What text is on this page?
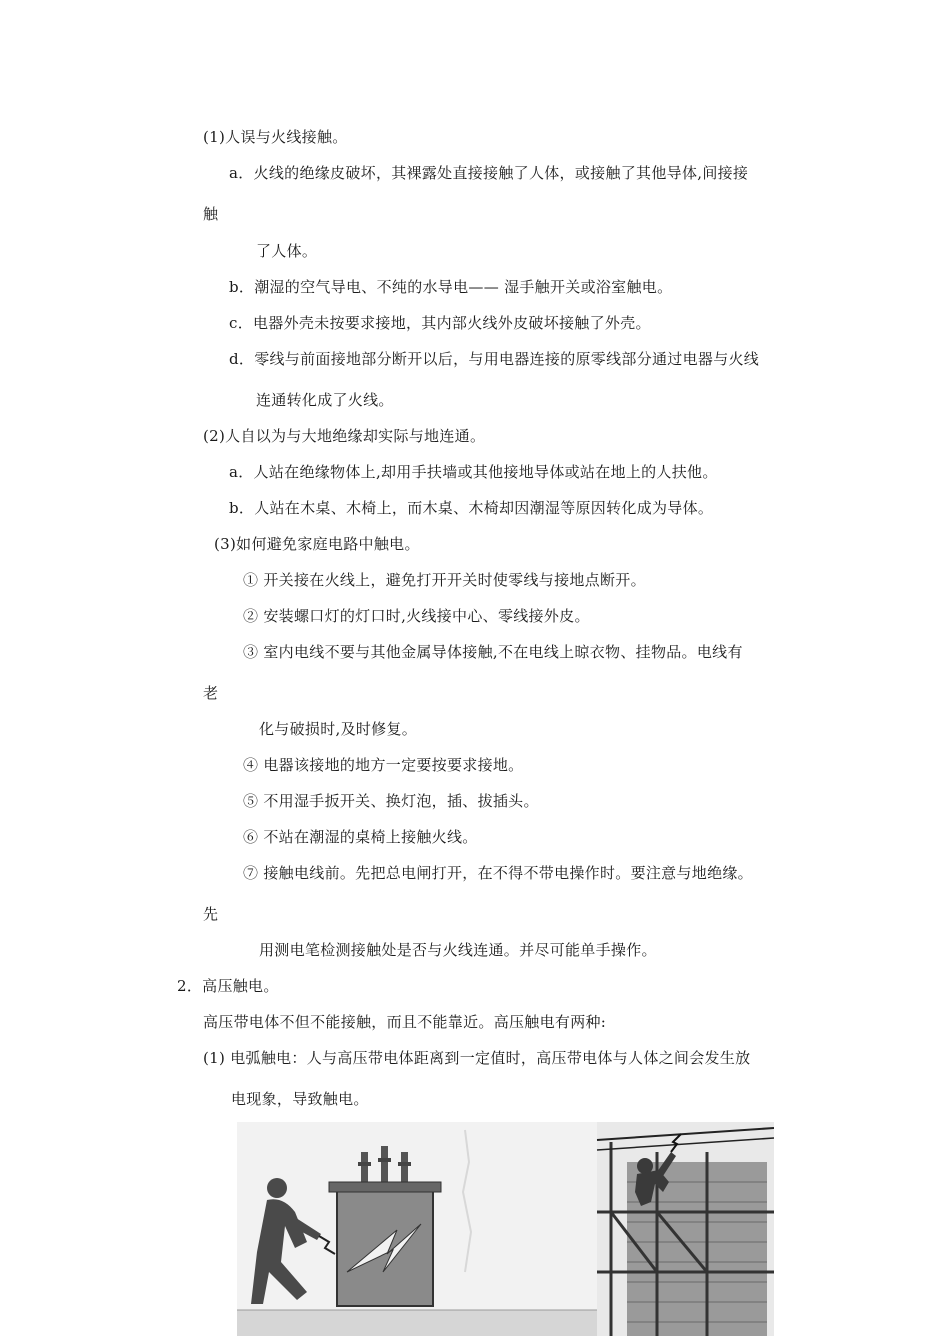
(1)人误与火线接触。
a．火线的绝缘皮破坏，其裸露处直接接触了人体，或接触了其他导体,间接接
触
了人体。
b．潮湿的空气导电、不纯的水导电—— 湿手触开关或浴室触电。
c．电器外壳未按要求接地，其内部火线外皮破坏接触了外壳。
d．零线与前面接地部分断开以后，与用电器连接的原零线部分通过电器与火线
连通转化成了火线。
(2)人自以为与大地绝缘却实际与地连通。
a．人站在绝缘物体上,却用手扶墙或其他接地导体或站在地上的人扶他。
b．人站在木桌、木椅上，而木桌、木椅却因潮湿等原因转化成为导体。
(3)如何避免家庭电路中触电。
① 开关接在火线上，避免打开开关时使零线与接地点断开。
② 安装螺口灯的灯口时,火线接中心、零线接外皮。
③ 室内电线不要与其他金属导体接触,不在电线上晾衣物、挂物品。电线有
老
化与破损时,及时修复。
④ 电器该接地的地方一定要按要求接地。
⑤ 不用湿手扳开关、换灯泡，插、拔插头。
⑥ 不站在潮湿的桌椅上接触火线。
⑦ 接触电线前。先把总电闸打开，在不得不带电操作时。要注意与地绝缘。
先
用测电笔检测接触处是否与火线连通。并尽可能单手操作。
2．高压触电。
高压带电体不但不能接触，而且不能靠近。高压触电有两种:
(1) 电弧触电：人与高压带电体距离到一定值时，高压带电体与人体之间会发生放
电现象，导致触电。
